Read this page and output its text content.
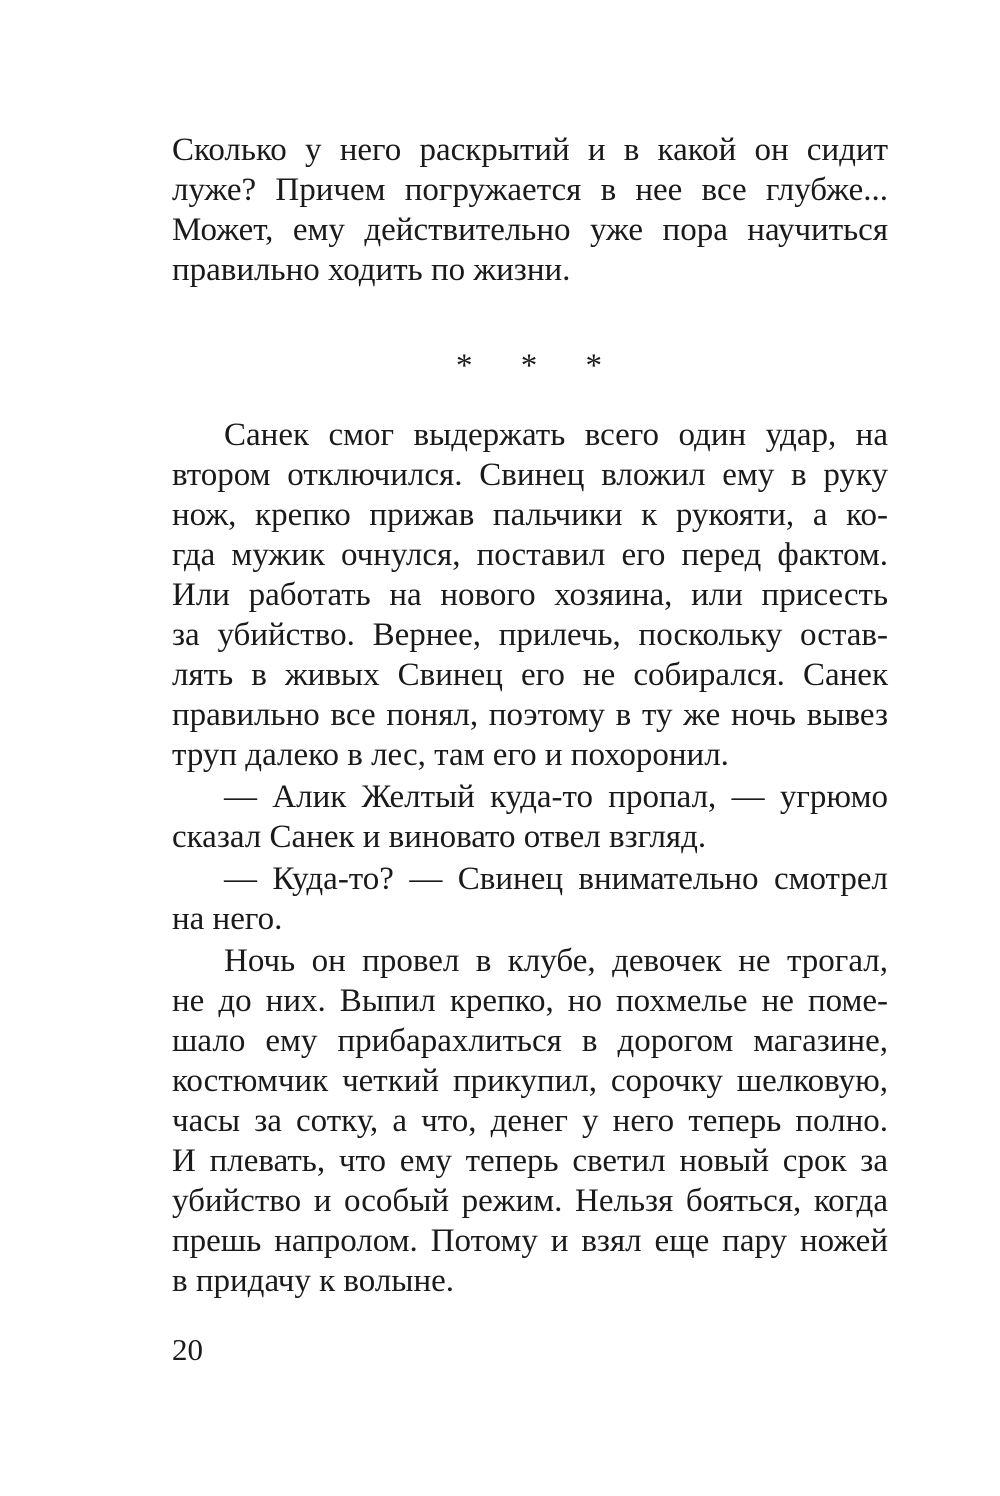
Сколько у него раскрытий и в какой он сидит
луже? Причем погружается в нее все глубже...
Может, ему действительно уже пора научиться
правильно ходить по жизни.
* * *
Санек смог выдержать всего один удар, на
втором отключился. Свинец вложил ему в руку
нож, крепко прижав пальчики к рукояти, а ко-
гда мужик очнулся, поставил его перед фактом.
Или работать на нового хозяина, или присесть
за убийство. Вернее, прилечь, поскольку остав-
лять в живых Свинец его не собирался. Санек
правильно все понял, поэтому в ту же ночь вывез
труп далеко в лес, там его и похоронил.
— Алик Желтый куда-то пропал, — угрюмо
сказал Санек и виновато отвел взгляд.
— Куда-то? — Свинец внимательно смотрел
на него.
Ночь он провел в клубе, девочек не трогал,
не до них. Выпил крепко, но похмелье не поме-
шало ему прибарахлиться в дорогом магазине,
костюмчик четкий прикупил, сорочку шелковую,
часы за сотку, а что, денег у него теперь полно.
И плевать, что ему теперь светил новый срок за
убийство и особый режим. Нельзя бояться, когда
прешь напролом. Потому и взял еще пару ножей
в придачу к волыне.
20
